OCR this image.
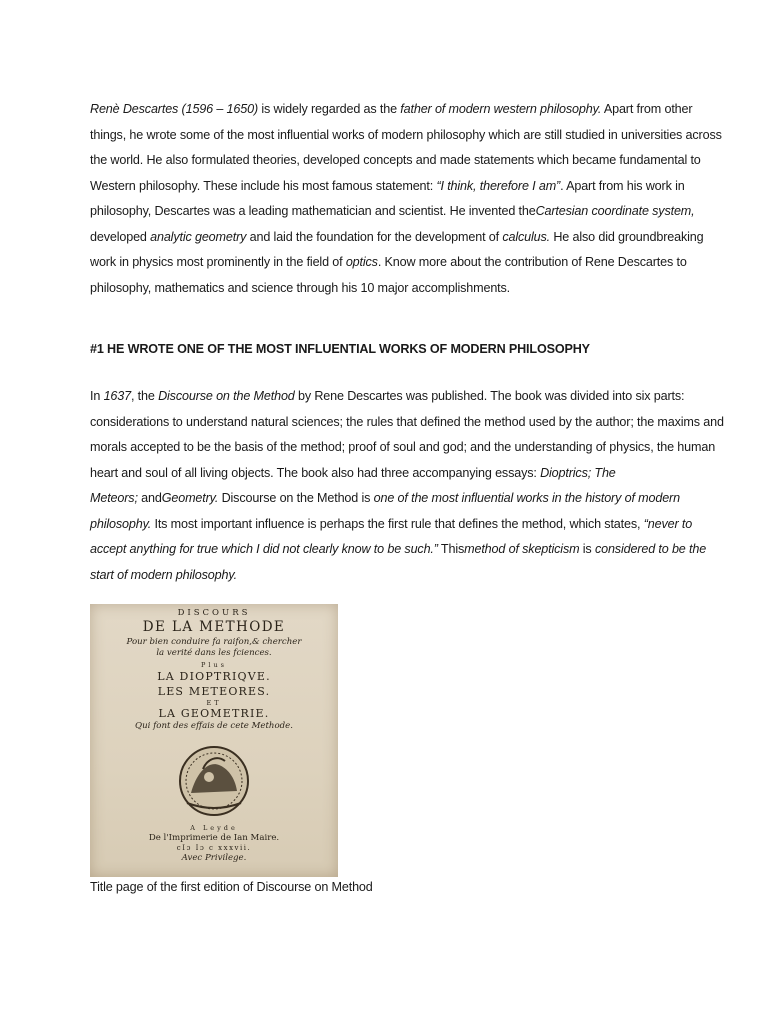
Renè Descartes (1596 – 1650) is widely regarded as the father of modern western philosophy. Apart from other
things, he wrote some of the most influential works of modern philosophy which are still studied in universities across
the world. He also formulated theories, developed concepts and made statements which became fundamental to
Western philosophy. These include his most famous statement: “I think, therefore I am”. Apart from his work in
philosophy, Descartes was a leading mathematician and scientist. He invented theCartesian coordinate system,
developed analytic geometry and laid the foundation for the development of calculus. He also did groundbreaking
work in physics most prominently in the field of optics. Know more about the contribution of Rene Descartes to
philosophy, mathematics and science through his 10 major accomplishments.
#1 HE WROTE ONE OF THE MOST INFLUENTIAL WORKS OF MODERN PHILOSOPHY
In 1637, the Discourse on the Method by Rene Descartes was published. The book was divided into six parts:
considerations to understand natural sciences; the rules that defined the method used by the author; the maxims and
morals accepted to be the basis of the method; proof of soul and god; and the understanding of physics, the human
heart and soul of all living objects. The book also had three accompanying essays: Dioptrics; The
Meteors; andGeometry. Discourse on the Method is one of the most influential works in the history of modern
philosophy. Its most important influence is perhaps the first rule that defines the method, which states, “never to
accept anything for true which I did not clearly know to be such.” Thismethod of skepticism is considered to be the
start of modern philosophy.
DISCOURS
DE LA METHODE
Pour bien conduire fa raifon,& chercher
la verité dans les fciences.
Plus
LA DIOPTRIQVE.
LES METEORES.
ET
LA GEOMETRIE.
Qui font des effais de cete Methode.
A Leyde
De l'Imprimerie de Ian Maire.
cIɔ Iɔ c xxxvii.
Avec Privilege.
Title page of the first edition of Discourse on Method
